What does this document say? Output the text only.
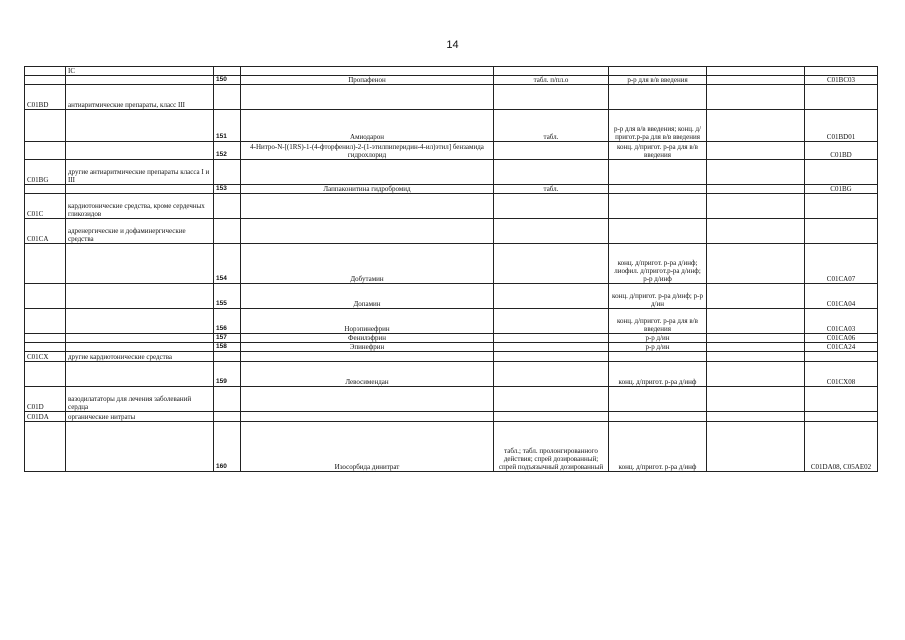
14
	IC						
		150	Пропафенон	табл. п/пл.о	р-р для в/в введения		C01BC03
C01BD	антиаритмические препараты, класс III						
		151	Амиодарон	табл.	р-р для в/в введения; конц. д/пригот.р-ра для в/в введения		C01BD01
		152	4-Нитро-N-[(1RS)-1-(4-фторфенил)-2-(1-этилпиперидин-4-ил)этил] бензамида гидрохлорид		конц. д/пригот. р-ра для в/в введения		C01BD
C01BG	другие антиаритмические препараты класса I и III						
		153	Лаппаконитина гидробромид	табл.			C01BG
C01C	кардиотонические средства, кроме сердечных гликозидов						
C01CA	адренергические и дофаминергические средства						
		154	Добутамин		конц. д/пригот. р-ра д/инф; лиофил. д/пригот.р-ра д/инф; р-р д/инф		C01CA07
		155	Допамин		конц. д/пригот. р-ра д/инф; р-р д/ин		C01CA04
		156	Норэпинефрин		конц. д/пригот. р-ра для в/в введения		C01CA03
		157	Фенилэфрин		р-р д/ин		C01CA06
		158	Эпинефрин		р-р д/ин		C01CA24
C01CX	другие кардиотонические средства						
		159	Левосимендан		конц. д/пригот. р-ра д/инф		C01CX08
C01D	вазодилататоры для лечения заболеваний сердца						
C01DA	органические нитраты						
		160	Изосорбида динитрат	табл.; табл. пролонгированного действия; спрей дозированный; спрей подъязычный дозированный	конц. д/пригот. р-ра д/инф		C01DA08, C05AE02
